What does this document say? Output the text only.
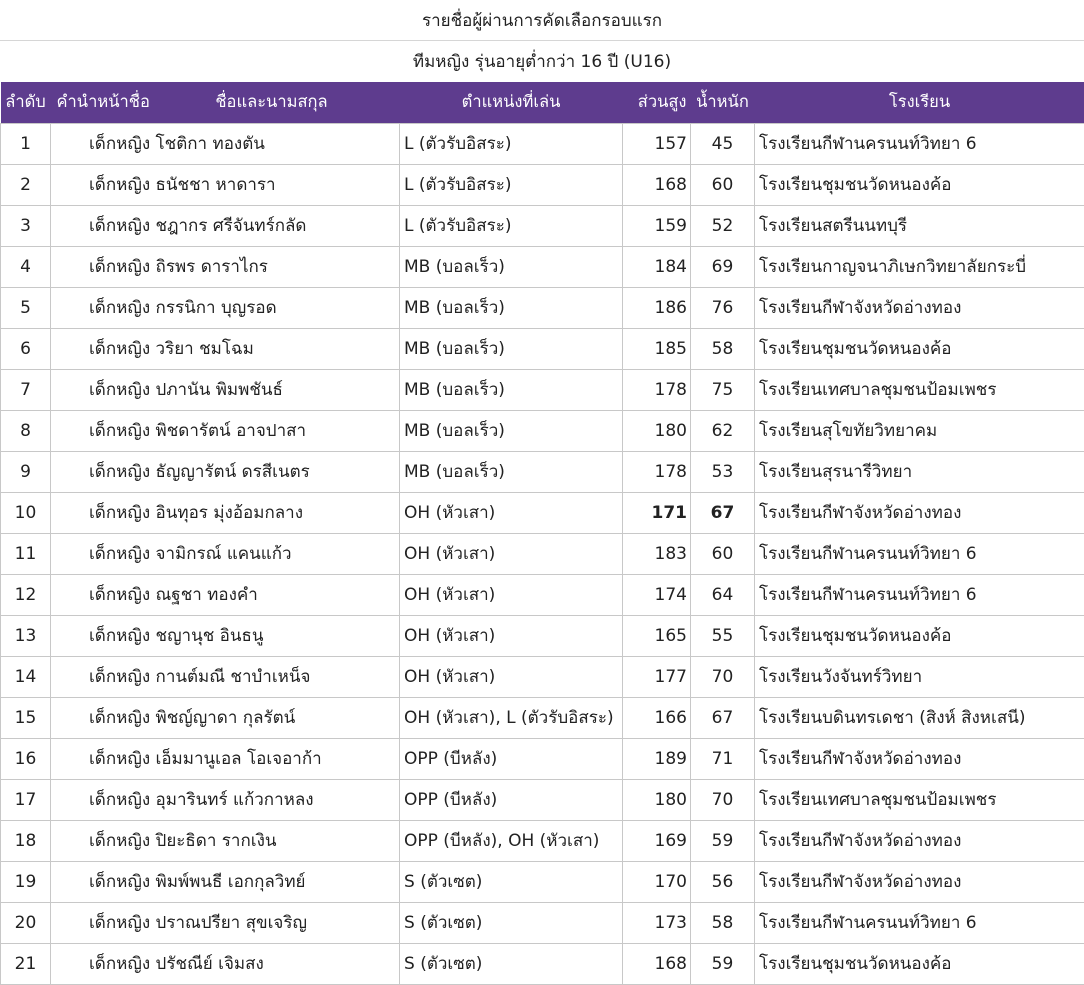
รายชื่อผู้ผ่านการคัดเลือกรอบแรก
ทีมหญิง รุ่นอายุต่ำกว่า 16 ปี (U16)
ลำดับ	คำนำหน้าชื่อ ชื่อและนามสกุล	ตำแหน่งที่เล่น	ส่วนสูง	น้ำหนัก	โรงเรียน
1	เด็กหญิง โชติกา ทองตัน	L (ตัวรับอิสระ)	157	45	โรงเรียนกีฬานครนนท์วิทยา 6
2	เด็กหญิง ธนัชชา หาดารา	L (ตัวรับอิสระ)	168	60	โรงเรียนชุมชนวัดหนองค้อ
3	เด็กหญิง ชฎากร ศรีจันทร์กลัด	L (ตัวรับอิสระ)	159	52	โรงเรียนสตรีนนทบุรี
4	เด็กหญิง ถิรพร ดาราไกร	MB (บอลเร็ว)	184	69	โรงเรียนกาญจนาภิเษกวิทยาลัยกระบี่
5	เด็กหญิง กรรนิกา บุญรอด	MB (บอลเร็ว)	186	76	โรงเรียนกีฬาจังหวัดอ่างทอง
6	เด็กหญิง วริยา ชมโฉม	MB (บอลเร็ว)	185	58	โรงเรียนชุมชนวัดหนองค้อ
7	เด็กหญิง ปภานัน พิมพชันธ์	MB (บอลเร็ว)	178	75	โรงเรียนเทศบาลชุมชนป้อมเพชร
8	เด็กหญิง พิชดารัตน์ อาจปาสา	MB (บอลเร็ว)	180	62	โรงเรียนสุโขทัยวิทยาคม
9	เด็กหญิง ธัญญารัตน์ ดรสีเนตร	MB (บอลเร็ว)	178	53	โรงเรียนสุรนารีวิทยา
10	เด็กหญิง อินทุอร มุ่งอ้อมกลาง	OH (หัวเสา)	171	67	โรงเรียนกีฬาจังหวัดอ่างทอง
11	เด็กหญิง จามิกรณ์ แคนแก้ว	OH (หัวเสา)	183	60	โรงเรียนกีฬานครนนท์วิทยา 6
12	เด็กหญิง ณฐชา ทองคำ	OH (หัวเสา)	174	64	โรงเรียนกีฬานครนนท์วิทยา 6
13	เด็กหญิง ชญานุช อินธนู	OH (หัวเสา)	165	55	โรงเรียนชุมชนวัดหนองค้อ
14	เด็กหญิง กานต์มณี ชาบำเหน็จ	OH (หัวเสา)	177	70	โรงเรียนวังจันทร์วิทยา
15	เด็กหญิง พิชญ์ญาดา กุลรัตน์	OH (หัวเสา), L (ตัวรับอิสระ)	166	67	โรงเรียนบดินทรเดชา (สิงห์ สิงหเสนี)
16	เด็กหญิง เอ็มมานูเอล โอเจอาก้า	OPP (บีหลัง)	189	71	โรงเรียนกีฬาจังหวัดอ่างทอง
17	เด็กหญิง อุมารินทร์ แก้วกาหลง	OPP (บีหลัง)	180	70	โรงเรียนเทศบาลชุมชนป้อมเพชร
18	เด็กหญิง ปิยะธิดา รากเงิน	OPP (บีหลัง), OH (หัวเสา)	169	59	โรงเรียนกีฬาจังหวัดอ่างทอง
19	เด็กหญิง พิมพ์พนธี เอกกุลวิทย์	S (ตัวเซต)	170	56	โรงเรียนกีฬาจังหวัดอ่างทอง
20	เด็กหญิง ปราณปรียา สุขเจริญ	S (ตัวเซต)	173	58	โรงเรียนกีฬานครนนท์วิทยา 6
21	เด็กหญิง ปรัชณีย์ เจิมสง	S (ตัวเซต)	168	59	โรงเรียนชุมชนวัดหนองค้อ
